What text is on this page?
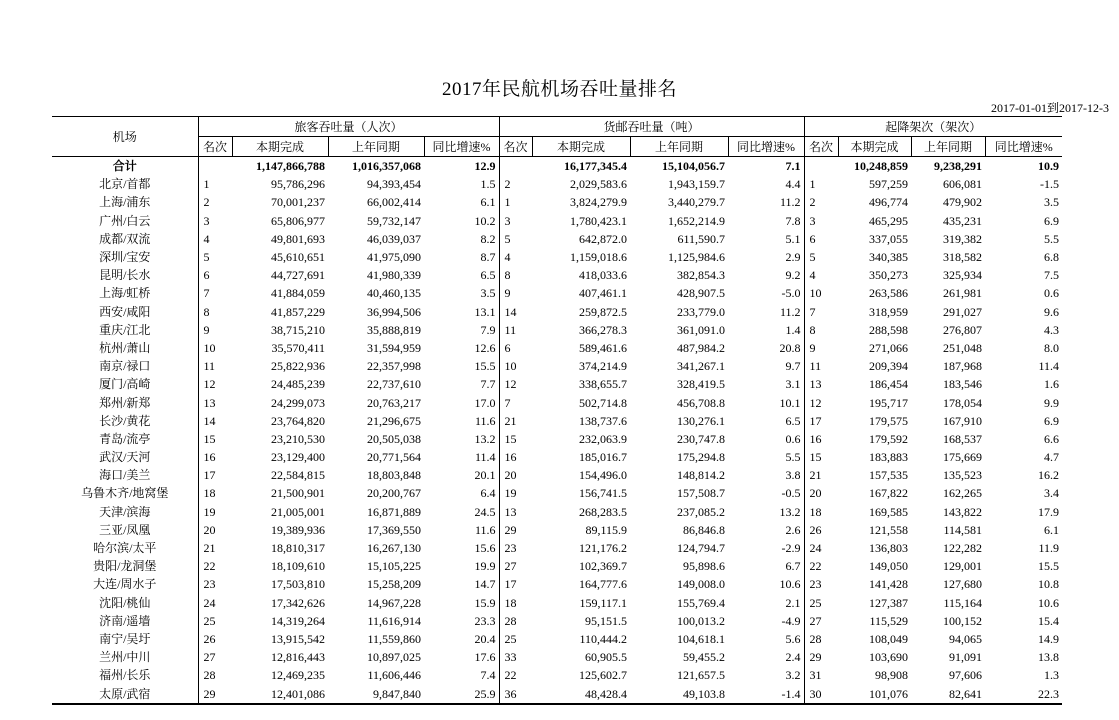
2017年民航机场吞吐量排名
2017-01-01到2017-12-3
机场	旅客吞吐量（人次）				货邮吞吐量（吨）				起降架次（架次）			
	名次	本期完成	上年同期	同比增速%	名次	本期完成	上年同期	同比增速%	名次	本期完成	上年同期	同比增速%
合计		1,147,866,788	1,016,357,068	12.9		16,177,345.4	15,104,056.7	7.1		10,248,859	9,238,291	10.9
北京/首都	1	95,786,296	94,393,454	1.5	2	2,029,583.6	1,943,159.7	4.4	1	597,259	606,081	-1.5
上海/浦东	2	70,001,237	66,002,414	6.1	1	3,824,279.9	3,440,279.7	11.2	2	496,774	479,902	3.5
广州/白云	3	65,806,977	59,732,147	10.2	3	1,780,423.1	1,652,214.9	7.8	3	465,295	435,231	6.9
成都/双流	4	49,801,693	46,039,037	8.2	5	642,872.0	611,590.7	5.1	6	337,055	319,382	5.5
深圳/宝安	5	45,610,651	41,975,090	8.7	4	1,159,018.6	1,125,984.6	2.9	5	340,385	318,582	6.8
昆明/长水	6	44,727,691	41,980,339	6.5	8	418,033.6	382,854.3	9.2	4	350,273	325,934	7.5
上海/虹桥	7	41,884,059	40,460,135	3.5	9	407,461.1	428,907.5	-5.0	10	263,586	261,981	0.6
西安/咸阳	8	41,857,229	36,994,506	13.1	14	259,872.5	233,779.0	11.2	7	318,959	291,027	9.6
重庆/江北	9	38,715,210	35,888,819	7.9	11	366,278.3	361,091.0	1.4	8	288,598	276,807	4.3
杭州/萧山	10	35,570,411	31,594,959	12.6	6	589,461.6	487,984.2	20.8	9	271,066	251,048	8.0
南京/禄口	11	25,822,936	22,357,998	15.5	10	374,214.9	341,267.1	9.7	11	209,394	187,968	11.4
厦门/高崎	12	24,485,239	22,737,610	7.7	12	338,655.7	328,419.5	3.1	13	186,454	183,546	1.6
郑州/新郑	13	24,299,073	20,763,217	17.0	7	502,714.8	456,708.8	10.1	12	195,717	178,054	9.9
长沙/黄花	14	23,764,820	21,296,675	11.6	21	138,737.6	130,276.1	6.5	17	179,575	167,910	6.9
青岛/流亭	15	23,210,530	20,505,038	13.2	15	232,063.9	230,747.8	0.6	16	179,592	168,537	6.6
武汉/天河	16	23,129,400	20,771,564	11.4	16	185,016.7	175,294.8	5.5	15	183,883	175,669	4.7
海口/美兰	17	22,584,815	18,803,848	20.1	20	154,496.0	148,814.2	3.8	21	157,535	135,523	16.2
乌鲁木齐/地窝堡	18	21,500,901	20,200,767	6.4	19	156,741.5	157,508.7	-0.5	20	167,822	162,265	3.4
天津/滨海	19	21,005,001	16,871,889	24.5	13	268,283.5	237,085.2	13.2	18	169,585	143,822	17.9
三亚/凤凰	20	19,389,936	17,369,550	11.6	29	89,115.9	86,846.8	2.6	26	121,558	114,581	6.1
哈尔滨/太平	21	18,810,317	16,267,130	15.6	23	121,176.2	124,794.7	-2.9	24	136,803	122,282	11.9
贵阳/龙洞堡	22	18,109,610	15,105,225	19.9	27	102,369.7	95,898.6	6.7	22	149,050	129,001	15.5
大连/周水子	23	17,503,810	15,258,209	14.7	17	164,777.6	149,008.0	10.6	23	141,428	127,680	10.8
沈阳/桃仙	24	17,342,626	14,967,228	15.9	18	159,117.1	155,769.4	2.1	25	127,387	115,164	10.6
济南/遥墙	25	14,319,264	11,616,914	23.3	28	95,151.5	100,013.2	-4.9	27	115,529	100,152	15.4
南宁/吴圩	26	13,915,542	11,559,860	20.4	25	110,444.2	104,618.1	5.6	28	108,049	94,065	14.9
兰州/中川	27	12,816,443	10,897,025	17.6	33	60,905.5	59,455.2	2.4	29	103,690	91,091	13.8
福州/长乐	28	12,469,235	11,606,446	7.4	22	125,602.7	121,657.5	3.2	31	98,908	97,606	1.3
太原/武宿	29	12,401,086	9,847,840	25.9	36	48,428.4	49,103.8	-1.4	30	101,076	82,641	22.3
